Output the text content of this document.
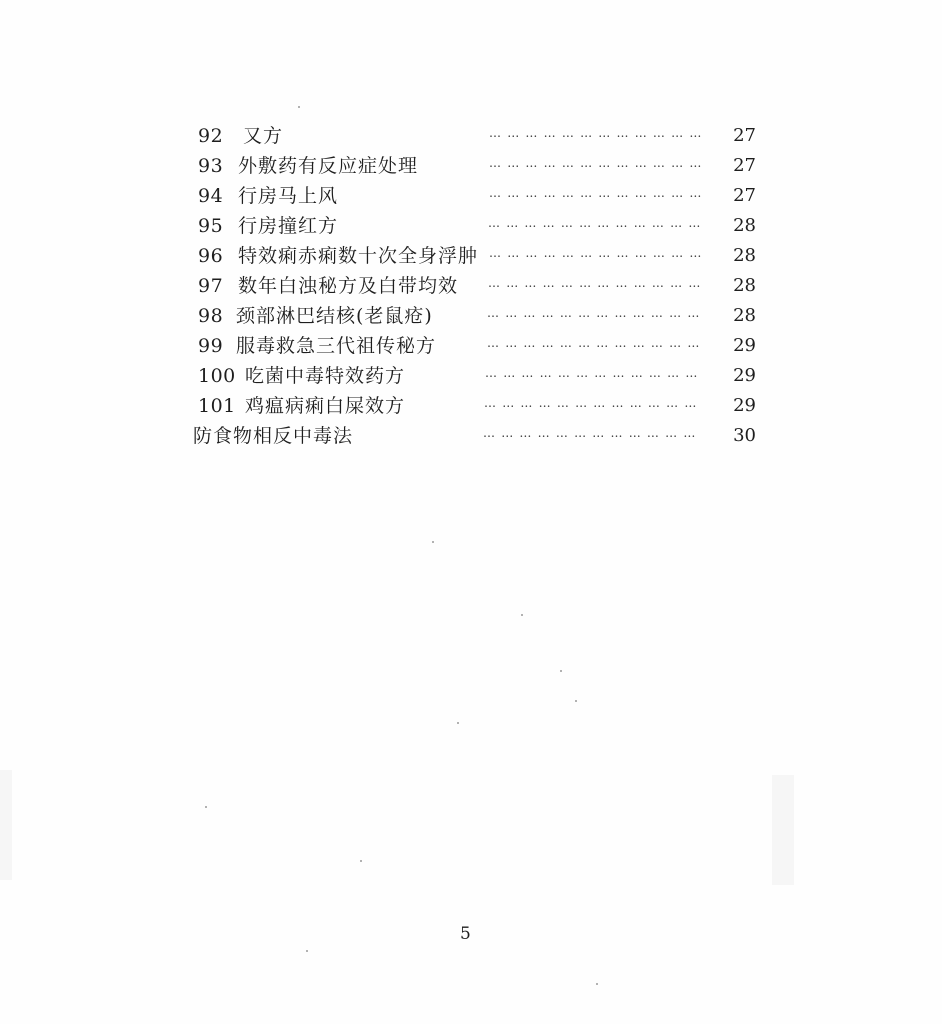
92 又方	… … … … … … … … … … … … 27
93 外敷药有反应症处理	… … … … … … … … … … … … 27
94 行房马上风	… … … … … … … … … … … … 27
95 行房撞红方	… … … … … … … … … … … … 28
96 特效痢赤痢数十次全身浮肿 … … … … … … … … … … … … 28
97 数年白浊秘方及白带均效 … … … … … … … … … … … … 28
98 颈部淋巴结核(老鼠疮)	… … … … … … … … … … … … 28
99 服毒救急三代祖传秘方	… … … … … … … … … … … … 29
100 吃菌中毒特效药方	… … … … … … … … … … … … 29
101 鸡瘟病痢白屎效方	… … … … … … … … … … … … 29
防食物相反中毒法	… … … … … … … … … … … … 30
5
